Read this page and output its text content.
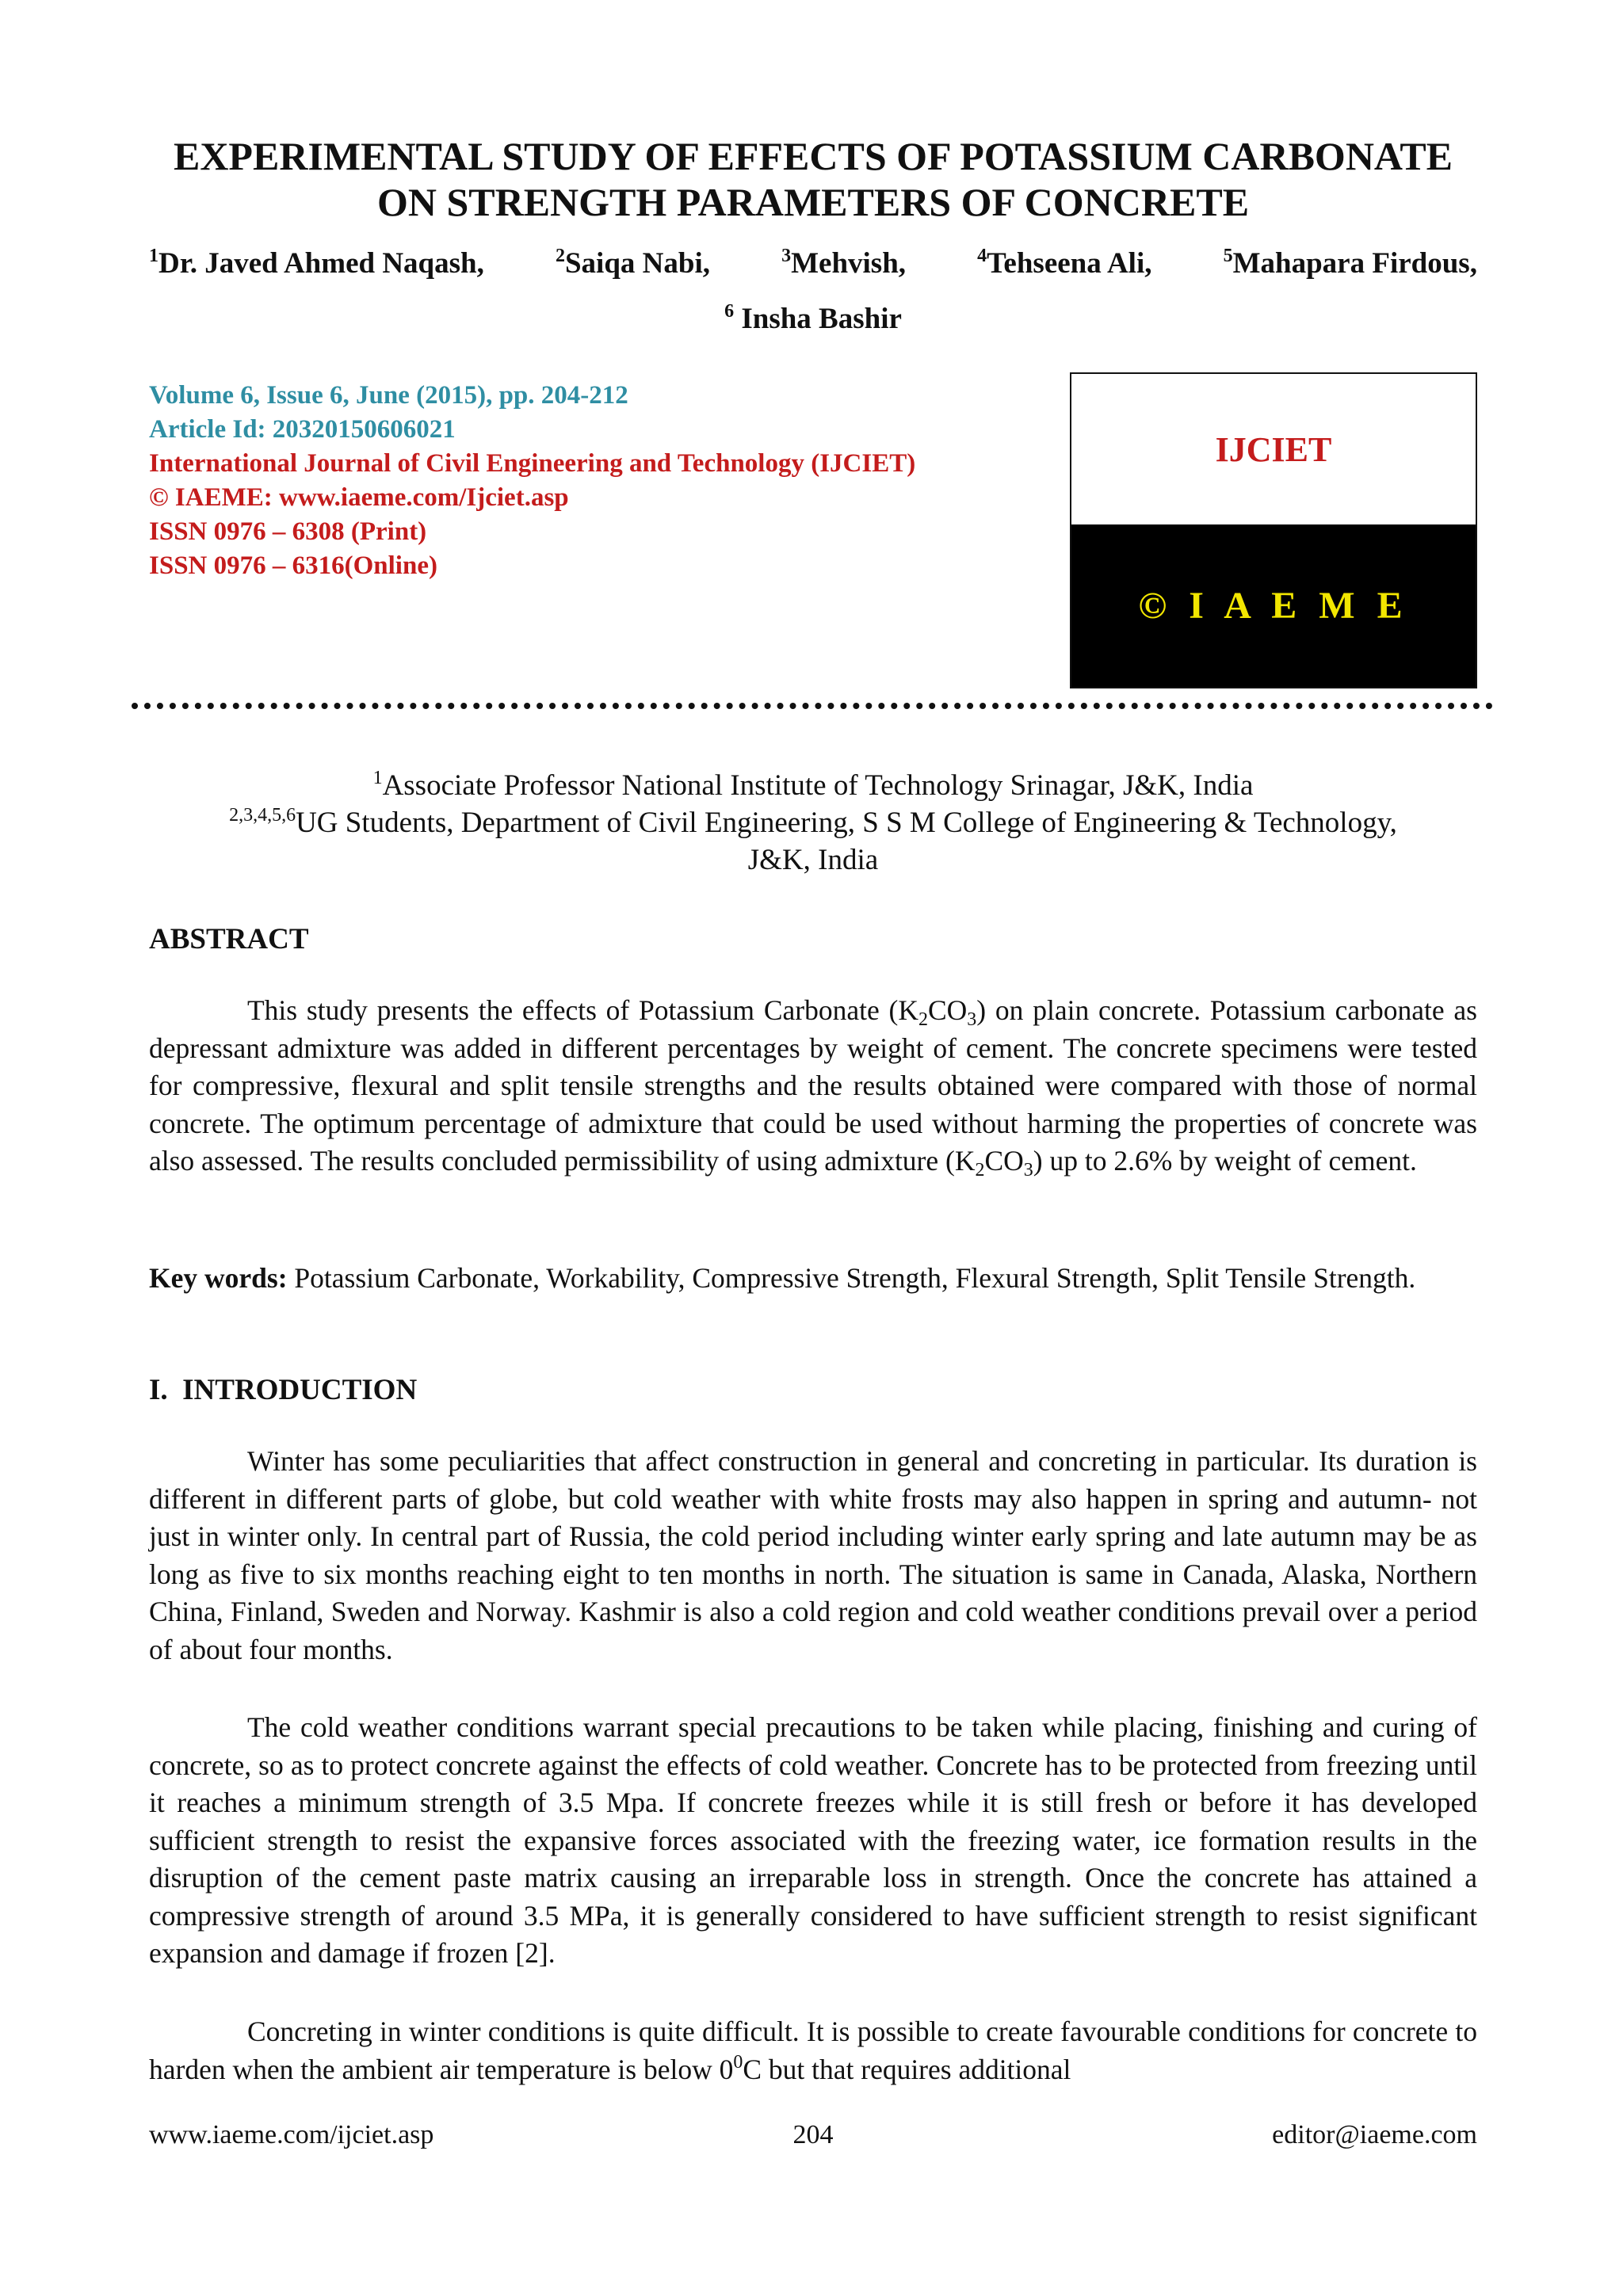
EXPERIMENTAL STUDY OF EFFECTS OF POTASSIUM CARBONATE
ON STRENGTH PARAMETERS OF CONCRETE
$^1$Dr. Javed Ahmed Naqash,	$^2$Saiqa Nabi,	$^3$Mehvish,	$^4$Tehseena Ali,	$^5$Mahapara Firdous,
$^6$ Insha Bashir
Volume 6, Issue 6, June (2015), pp. 204-212
Article Id: 20320150606021
International Journal of Civil Engineering and Technology (IJCIET)
© IAEME: www.iaeme.com/Ijciet.asp
ISSN 0976 – 6308 (Print)
ISSN 0976 – 6316(Online)
IJCIET
© I A E M E
$^1$Associate Professor National Institute of Technology Srinagar, J&K, India
$^{2,3,4,5,6}$UG Students, Department of Civil Engineering, S S M College of Engineering & Technology,
J&K, India
ABSTRACT
This study presents the effects of Potassium Carbonate $(K_2CO_3)$ on plain concrete. Potassium carbonate as depressant admixture was added in different percentages by weight of cement. The concrete specimens were tested for compressive, flexural and split tensile strengths and the results obtained were compared with those of normal concrete. The optimum percentage of admixture that could be used without harming the properties of concrete was also assessed. The results concluded permissibility of using admixture $(K_2CO_3)$ up to 2.6% by weight of cement.
Key words: Potassium Carbonate, Workability, Compressive Strength, Flexural Strength, Split Tensile Strength.
I.  INTRODUCTION
Winter has some peculiarities that affect construction in general and concreting in particular. Its duration is different in different parts of globe, but cold weather with white frosts may also happen in spring and autumn- not just in winter only. In central part of Russia, the cold period including winter early spring and late autumn may be as long as five to six months reaching eight to ten months in north. The situation is same in Canada, Alaska, Northern China, Finland, Sweden and Norway. Kashmir is also a cold region and cold weather conditions prevail over a period of about four months.
The cold weather conditions warrant special precautions to be taken while placing, finishing and curing of concrete, so as to protect concrete against the effects of cold weather. Concrete has to be protected from freezing until it reaches a minimum strength of 3.5 Mpa. If concrete freezes while it is still fresh or before it has developed sufficient strength to resist the expansive forces associated with the freezing water, ice formation results in the disruption of the cement paste matrix causing an irreparable loss in strength. Once the concrete has attained a compressive strength of around 3.5 MPa, it is generally considered to have sufficient strength to resist significant expansion and damage if frozen [2].
Concreting in winter conditions is quite difficult. It is possible to create favourable conditions for concrete to harden when the ambient air temperature is below $0^0C$ but that requires additional
www.iaeme.com/ijciet.asp	204	editor@iaeme.com
